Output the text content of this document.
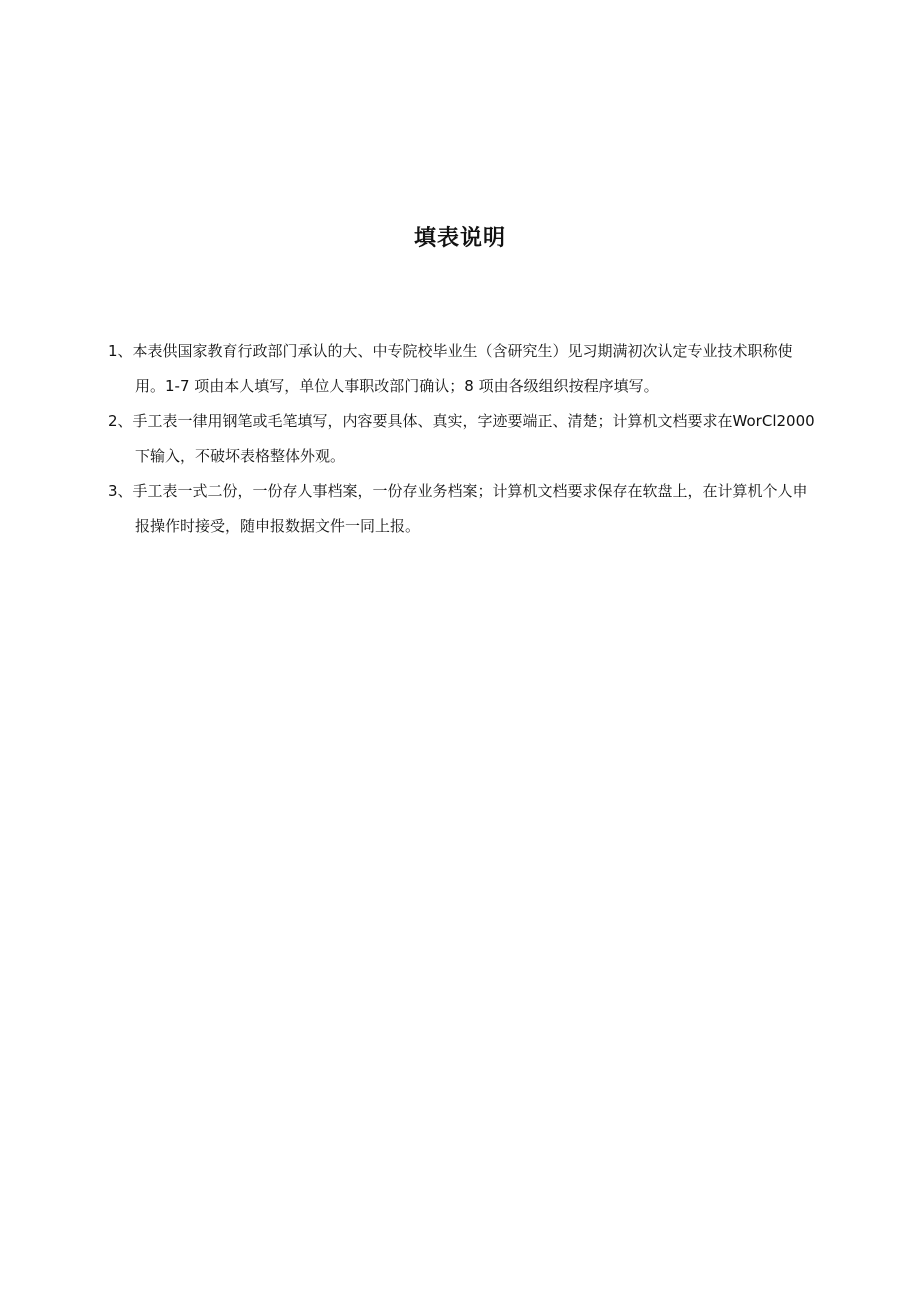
填表说明
1、本表供国家教育行政部门承认的大、中专院校毕业生（含研究生）见习期满初次认定专业技术职称使用。1-7 项由本人填写，单位人事职改部门确认；8 项由各级组织按程序填写。
2、手工表一律用钢笔或毛笔填写，内容要具体、真实，字迹要端正、清楚；计算机文档要求在WorCl2000 下输入，不破坏表格整体外观。
3、手工表一式二份，一份存人事档案，一份存业务档案；计算机文档要求保存在软盘上，在计算机个人申报操作时接受，随申报数据文件一同上报。
